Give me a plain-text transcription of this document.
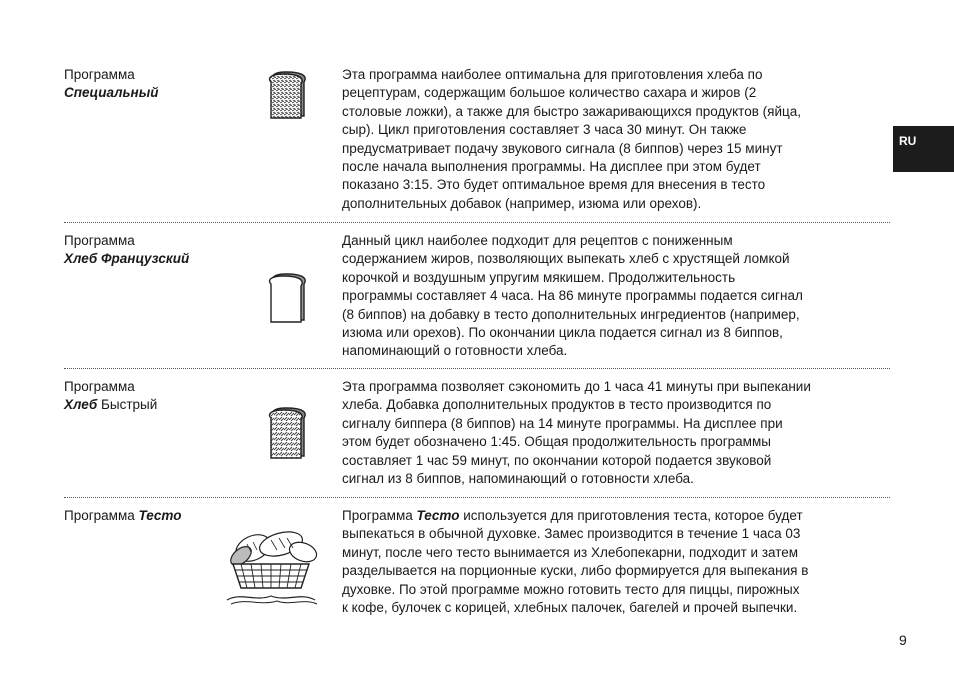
RU
Программа
Специальный
Эта программа наиболее оптимальна для приготовления хлеба по
рецептурам, содержащим большое количество сахара и жиров (2
столовые ложки), а также для быстро зажаривающихся продуктов (яйца,
сыр). Цикл приготовления составляет 3 часа 30 минут. Он также
предусматривает подачу звукового сигнала (8 биппов) через 15 минут
после начала выполнения программы. На дисплее при этом будет
показано 3:15. Это будет оптимальное время для внесения в тесто
дополнительных добавок (например, изюма или орехов).
Программа
Хлеб Французский
Данный цикл наиболее подходит для рецептов с пониженным
содержанием жиров, позволяющих выпекать хлеб с хрустящей ломкой
корочкой и воздушным упругим мякишем. Продолжительность
программы составляет 4 часа. На 86 минуте программы подается сигнал
(8 биппов) на добавку в тесто дополнительных ингредиентов (например,
изюма или орехов). По окончании цикла подается сигнал из 8 биппов,
напоминающий о готовности хлеба.
Программа
Хлеб Быстрый
Эта программа позволяет сэкономить до 1 часа 41 минуты при выпекании
хлеба. Добавка дополнительных продуктов в тесто производится по
сигналу биппера (8 биппов) на 14 минуте программы. На дисплее при
этом будет обозначено 1:45. Общая продолжительность программы
составляет 1 час 59 минут, по окончании которой подается звуковой
сигнал из 8 биппов, напоминающий о готовности хлеба.
Программа Тесто	Программа Тесто используется для приготовления теста, которое будет
выпекаться в обычной духовке. Замес производится в течение 1 часа 03
минут, после чего тесто вынимается из Хлебопекарни, подходит и затем
разделывается на порционные куски, либо формируется для выпекания в
духовке. По этой программе можно готовить тесто для пиццы, пирожных
к кофе, булочек с корицей, хлебных палочек, багелей и прочей выпечки.
9
